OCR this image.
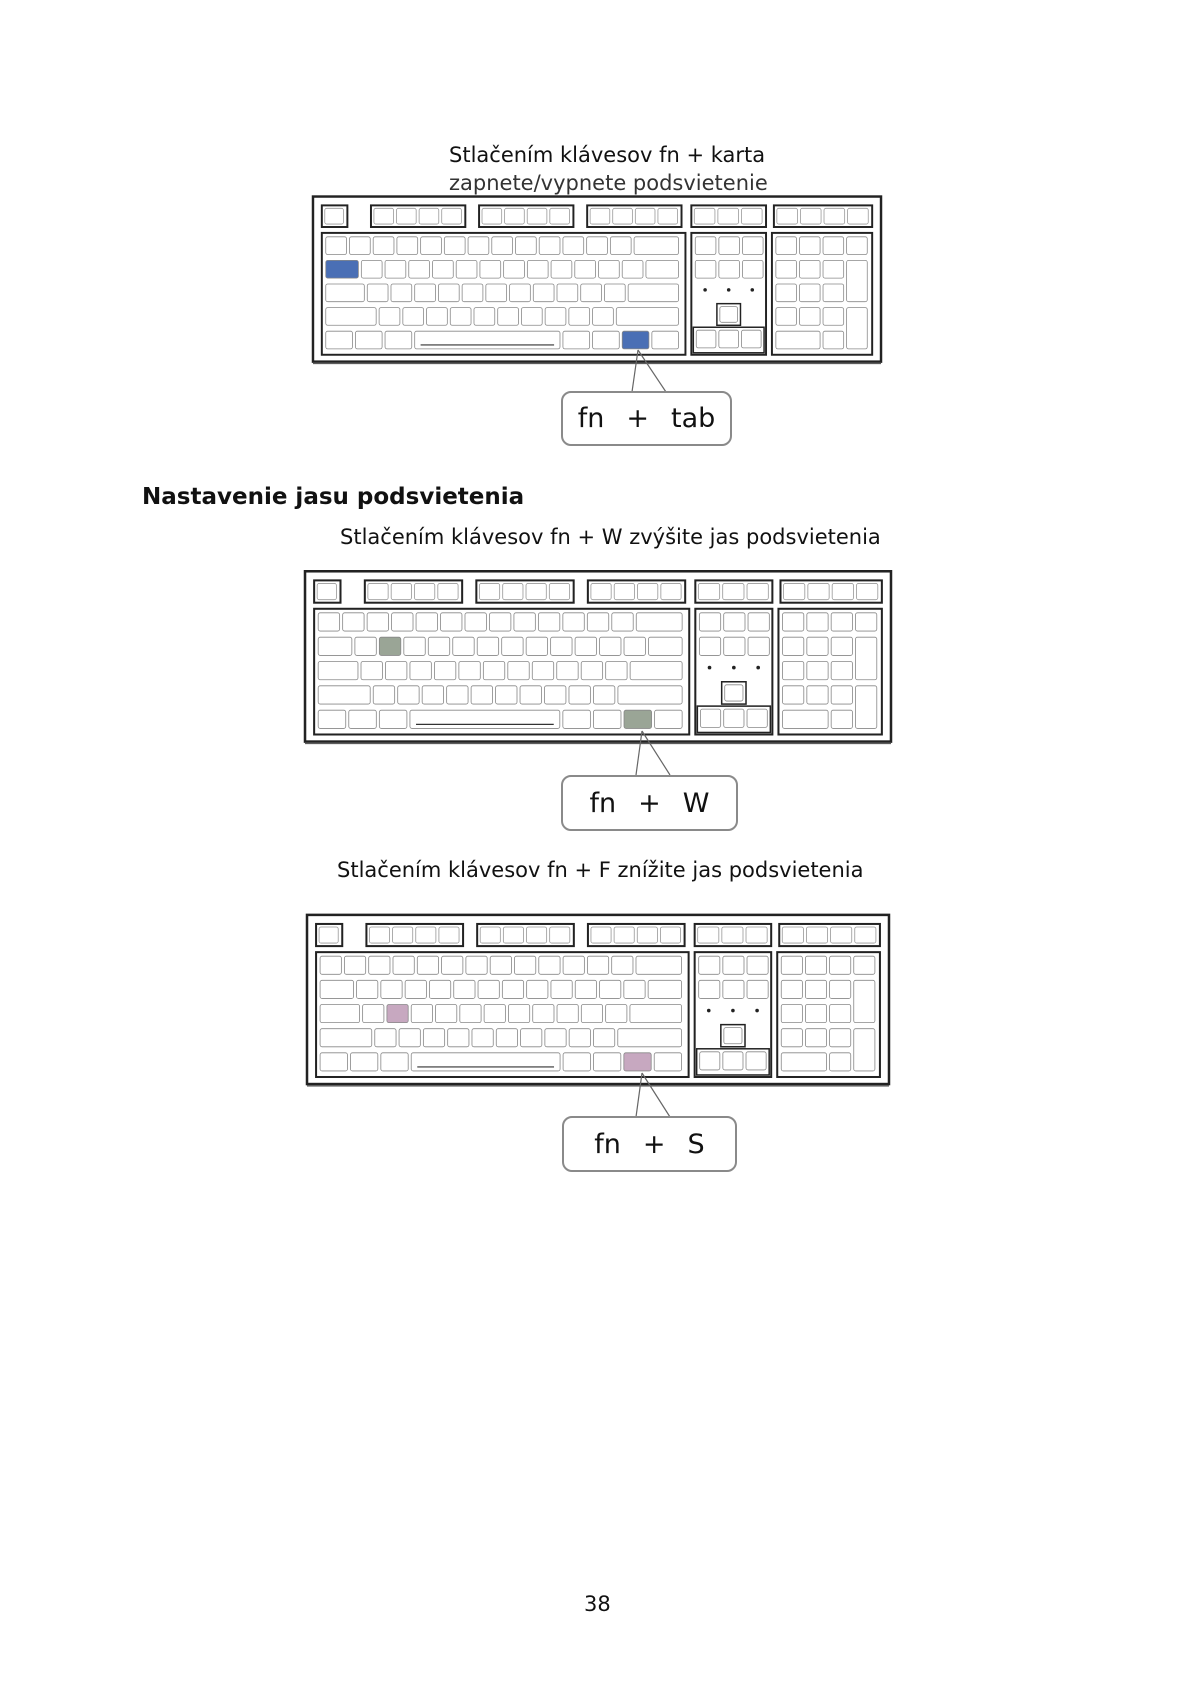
Stlačením klávesov fn + karta
zapnete/vypnete podsvietenie
fn + tab
Nastavenie jasu podsvietenia
Stlačením klávesov fn + W zvýšite jas podsvietenia
fn + W
Stlačením klávesov fn + F znížite jas podsvietenia
fn + S
38
